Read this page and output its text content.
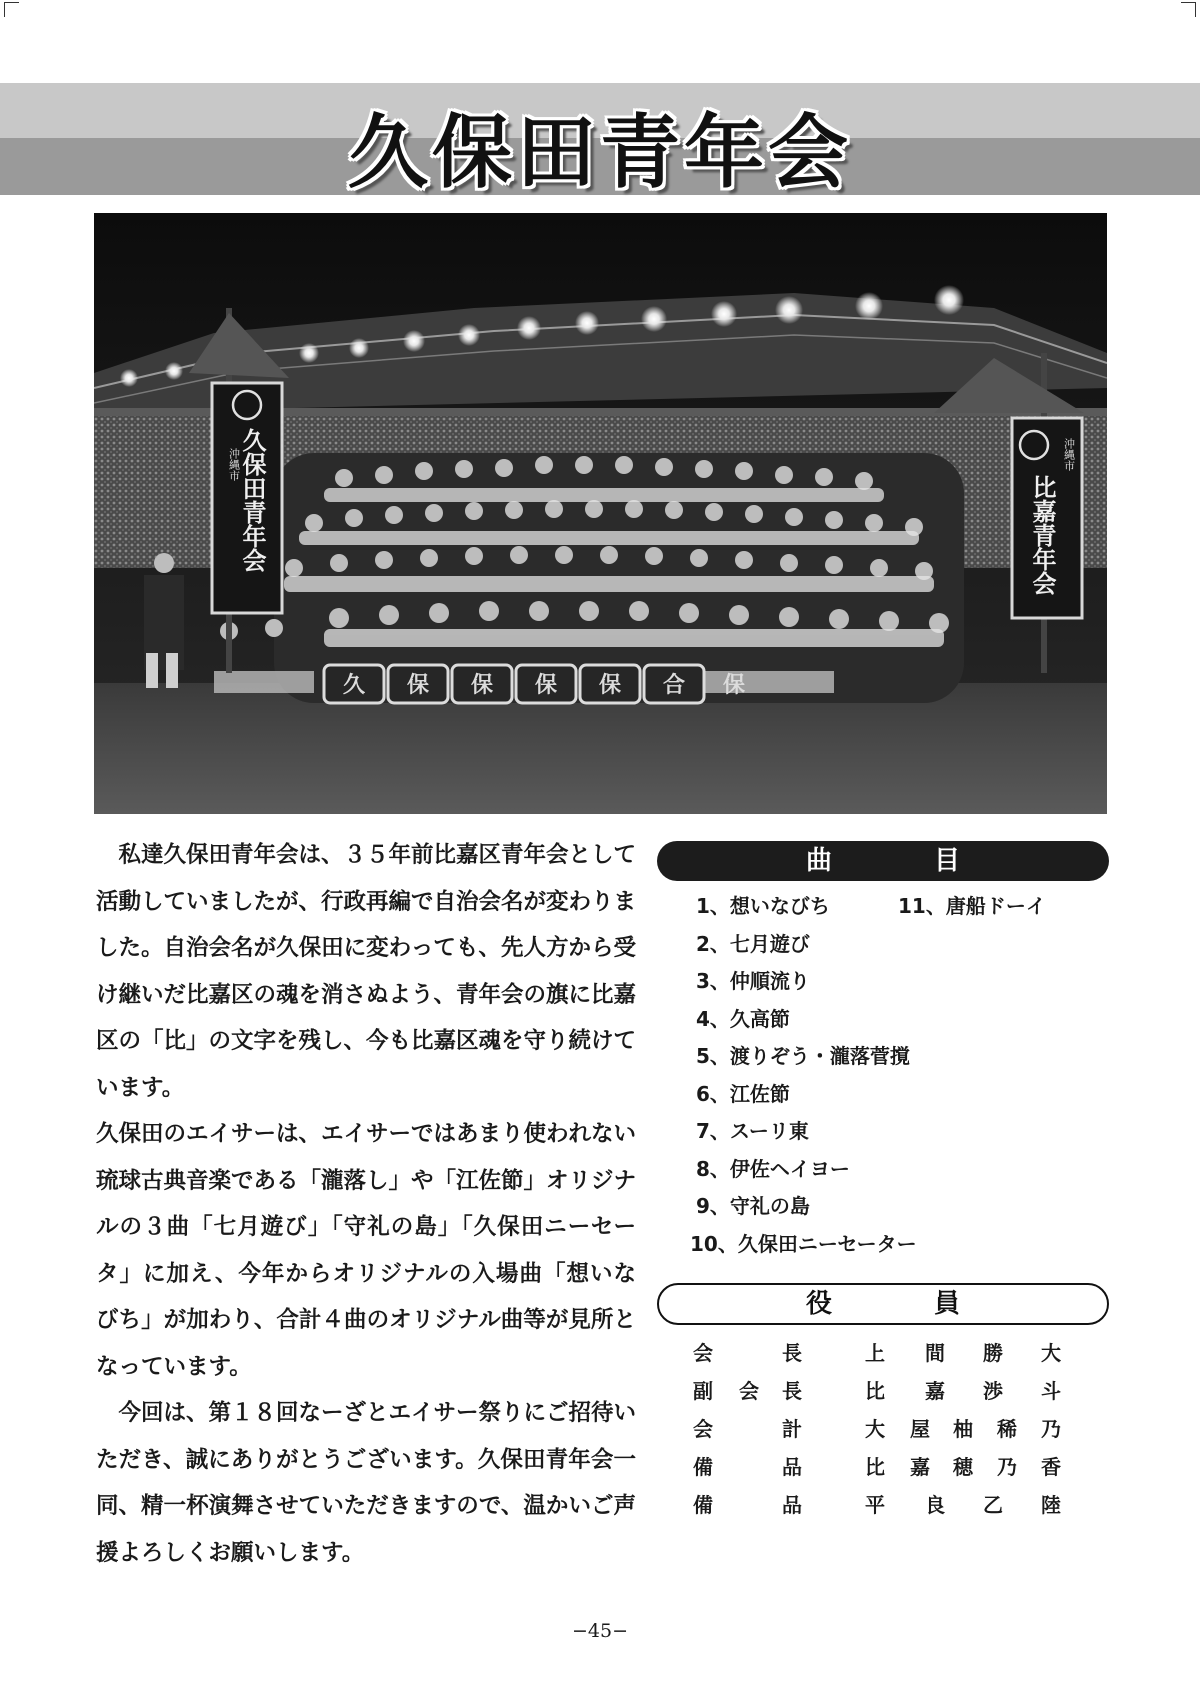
久保田青年会
久 保 保 保 保 合 保
沖縄市
久保田青年会	沖縄市
比嘉青年会

私達久保田青年会は、３５年前比嘉区青年会として活動していましたが、行政再編で自治会名が変わりました。自治会名が久保田に変わっても、先人方から受け継いだ比嘉区の魂を消さぬよう、青年会の旗に比嘉区の「比」の文字を残し、今も比嘉区魂を守り続けています。

久保田のエイサーは、エイサーではあまり使われない琉球古典音楽である「瀧落し」や「江佐節」オリジナルの３曲「七月遊び」「守礼の島」「久保田ニーセータ」に加え、今年からオリジナルの入場曲「想いなびち」が加わり、合計４曲のオリジナル曲等が見所となっています。

今回は、第１８回なーざとエイサー祭りにご招待いただき、誠にありがとうございます。久保田青年会一同、精一杯演舞させていただきますので、温かいご声援よろしくお願いします。

曲　目
1、想いなびち
2、七月遊び
3、仲順流り
4、久高節
5、渡りぞう・瀧落菅撹
6、江佐節
7、スーリ東
8、伊佐ヘイヨー
9、守礼の島
10、久保田ニーセーター
11、唐船ドーイ
役　員
会	長	上 間 勝 大
副 会 長	比 嘉 渉 斗
会	計	大 屋 柚 稀 乃
備	品	比 嘉 穂 乃 香
備	品	平 良 乙 陸
−45−
